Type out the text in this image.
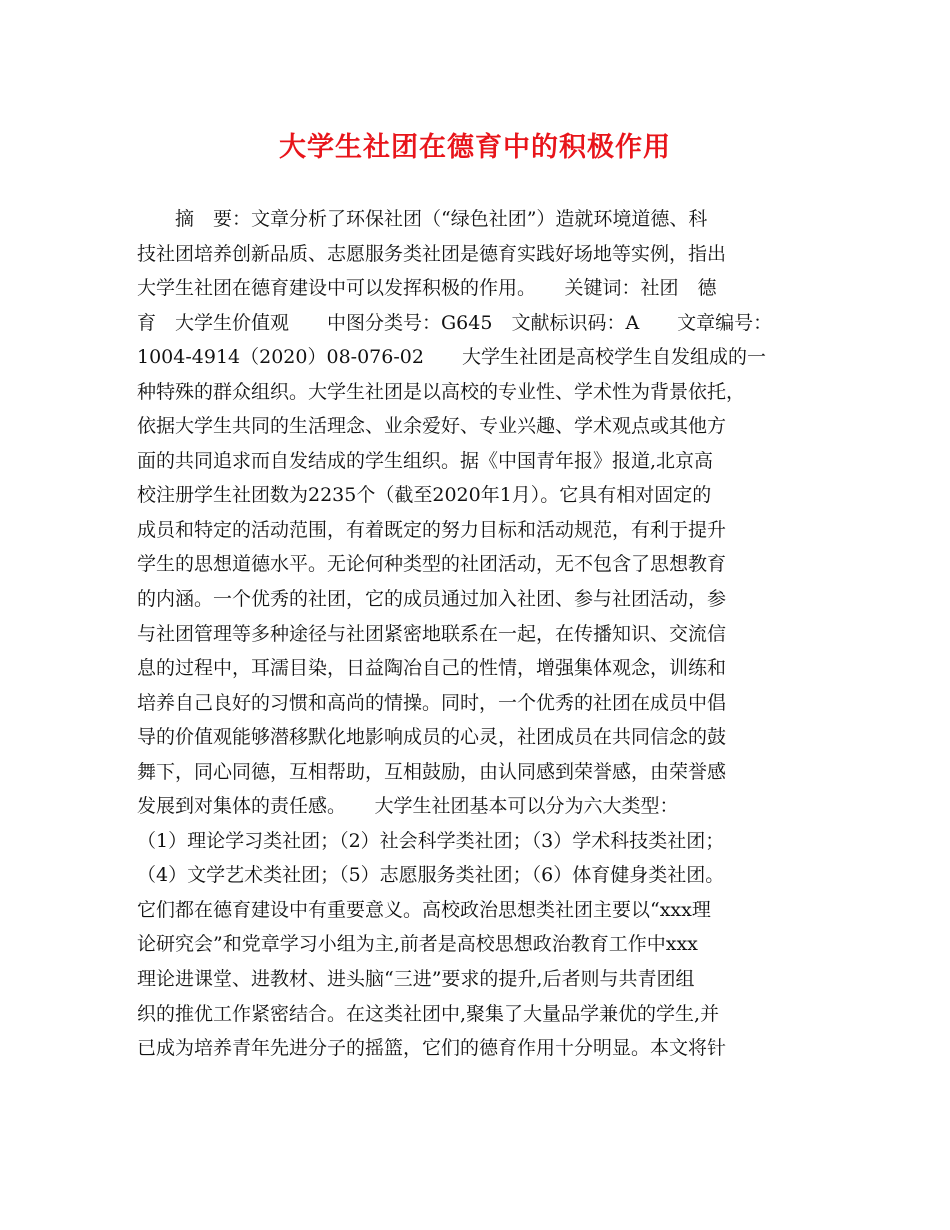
大学生社团在德育中的积极作用
　　摘　要：文章分析了环保社团（“绿色社团”）造就环境道德、科
技社团培养创新品质、志愿服务类社团是德育实践好场地等实例，指出
大学生社团在德育建设中可以发挥积极的作用。　　关键词：社团　德
育　大学生价值观　　中图分类号：G645　文献标识码：A　　文章编号：
1004-4914（2020）08-076-02　　大学生社团是高校学生自发组成的一
种特殊的群众组织。大学生社团是以高校的专业性、学术性为背景依托，
依据大学生共同的生活理念、业余爱好、专业兴趣、学术观点或其他方
面的共同追求而自发结成的学生组织。据《中国青年报》报道,北京高
校注册学生社团数为2235个（截至2020年1月）。它具有相对固定的
成员和特定的活动范围，有着既定的努力目标和活动规范，有利于提升
学生的思想道德水平。无论何种类型的社团活动，无不包含了思想教育
的内涵。一个优秀的社团，它的成员通过加入社团、参与社团活动，参
与社团管理等多种途径与社团紧密地联系在一起，在传播知识、交流信
息的过程中，耳濡目染，日益陶冶自己的性情，增强集体观念，训练和
培养自己良好的习惯和高尚的情操。同时，一个优秀的社团在成员中倡
导的价值观能够潜移默化地影响成员的心灵，社团成员在共同信念的鼓
舞下，同心同德，互相帮助，互相鼓励，由认同感到荣誉感，由荣誉感
发展到对集体的责任感。　　大学生社团基本可以分为六大类型：
（1）理论学习类社团；（2）社会科学类社团；（3）学术科技类社团；
（4）文学艺术类社团；（5）志愿服务类社团；（6）体育健身类社团。
它们都在德育建设中有重要意义。高校政治思想类社团主要以“xxx理
论研究会”和党章学习小组为主,前者是高校思想政治教育工作中xxx
理论进课堂、进教材、进头脑“三进”要求的提升,后者则与共青团组
织的推优工作紧密结合。在这类社团中,聚集了大量品学兼优的学生,并
已成为培养青年先进分子的摇篮，它们的德育作用十分明显。本文将针
